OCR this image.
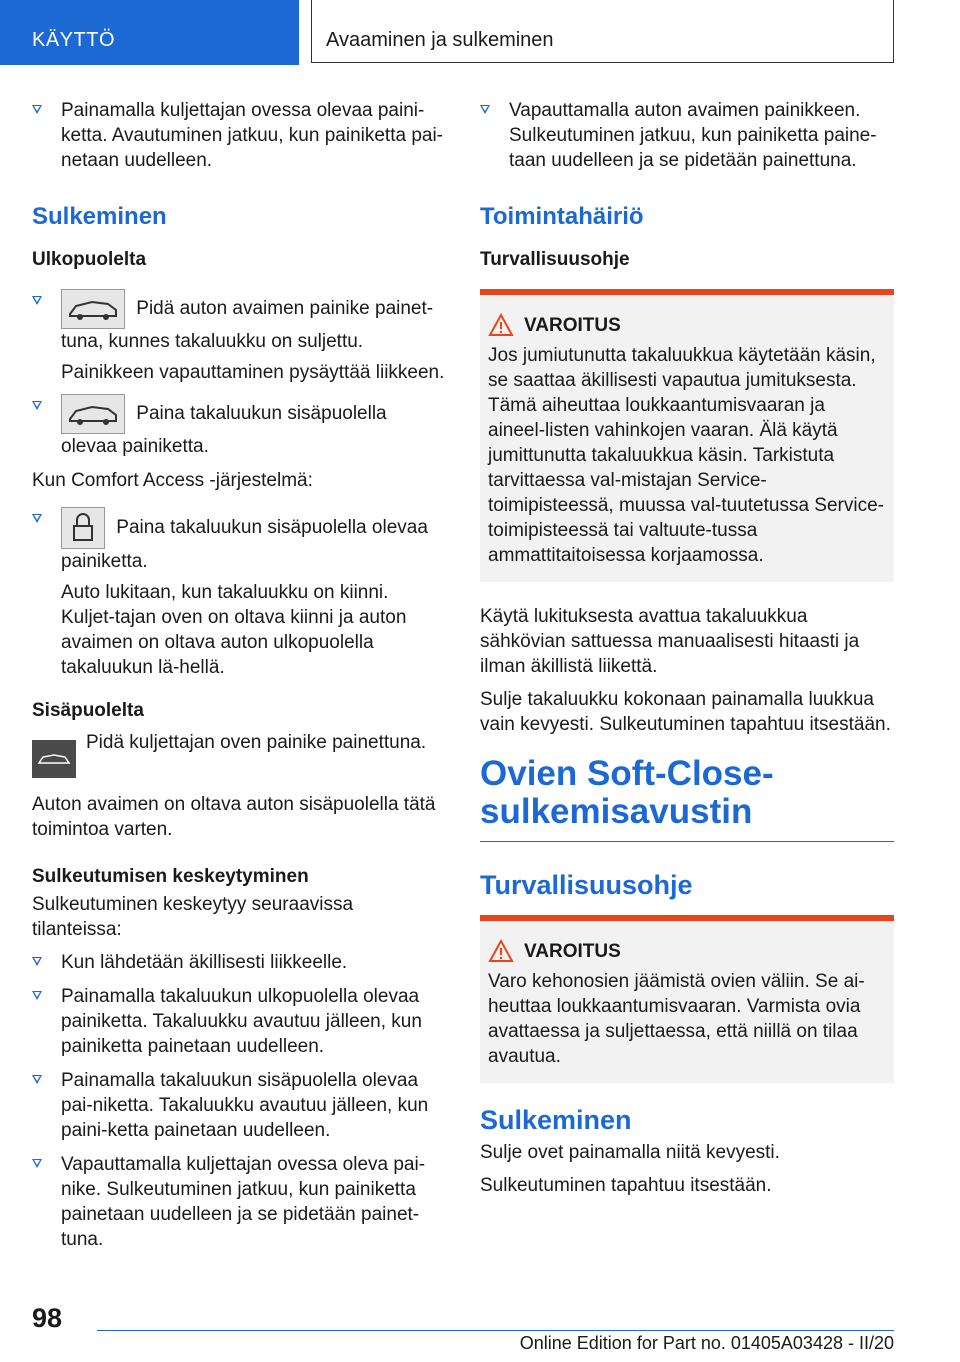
KÄYTTÖ	Avaaminen ja sulkeminen
Painamalla kuljettajan ovessa olevaa paini-ketta. Avautuminen jatkuu, kun painiketta pai-netaan uudelleen.
Sulkeminen
Ulkopuolelta
Pidä auton avaimen painike painet-tuna, kunnes takaluukku on suljettu.
Painikkeen vapauttaminen pysäyttää liikkeen.
Paina takaluukun sisäpuolella olevaa painiketta.
Kun Comfort Access -järjestelmä:
Paina takaluukun sisäpuolella olevaa painiketta.
Auto lukitaan, kun takaluukku on kiinni. Kuljet-tajan oven on oltava kiinni ja auton avaimen on oltava auton ulkopuolella takaluukun lä-hellä.
Sisäpuolelta
Pidä kuljettajan oven painike painettuna.
Auton avaimen on oltava auton sisäpuolella tätä toimintoa varten.
Sulkeutumisen keskeytyminen
Sulkeutuminen keskeytyy seuraavissa tilanteissa:
Kun lähdetään äkillisesti liikkeelle.
Painamalla takaluukun ulkopuolella olevaa painiketta. Takaluukku avautuu jälleen, kun painiketta painetaan uudelleen.
Painamalla takaluukun sisäpuolella olevaa pai-niketta. Takaluukku avautuu jälleen, kun paini-ketta painetaan uudelleen.
Vapauttamalla kuljettajan ovessa oleva pai-nike. Sulkeutuminen jatkuu, kun painiketta painetaan uudelleen ja se pidetään painet-tuna.
Vapauttamalla auton avaimen painikkeen. Sulkeutuminen jatkuu, kun painiketta paine-taan uudelleen ja se pidetään painettuna.
Toimintahäiriö
Turvallisuusohje
VAROITUS

Jos jumiutunutta takaluukkua käytetään käsin, se saattaa äkillisesti vapautua jumituksesta. Tämä aiheuttaa loukkaantumisvaaran ja aineel-listen vahinkojen vaaran. Älä käytä jumittunutta takaluukkua käsin. Tarkistuta tarvittaessa val-mistajan Service-toimipisteessä, muussa val-tuutetussa Service-toimipisteessä tai valtuute-tussa ammattitaitoisessa korjaamossa.

Käytä lukituksesta avattua takaluukkua sähkövian sattuessa manuaalisesti hitaasti ja ilman äkillistä liikettä.
Sulje takaluukku kokonaan painamalla luukkua vain kevyesti. Sulkeutuminen tapahtuu itsestään.
Ovien Soft-Close-
sulkemisavustin
Turvallisuusohje
VAROITUS

Varo kehonosien jäämistä ovien väliin. Se ai-heuttaa loukkaantumisvaaran. Varmista ovia avattaessa ja suljettaessa, että niillä on tilaa avautua.

Sulkeminen
Sulje ovet painamalla niitä kevyesti.
Sulkeutuminen tapahtuu itsestään.
98
Online Edition for Part no. 01405A03428 - II/20
